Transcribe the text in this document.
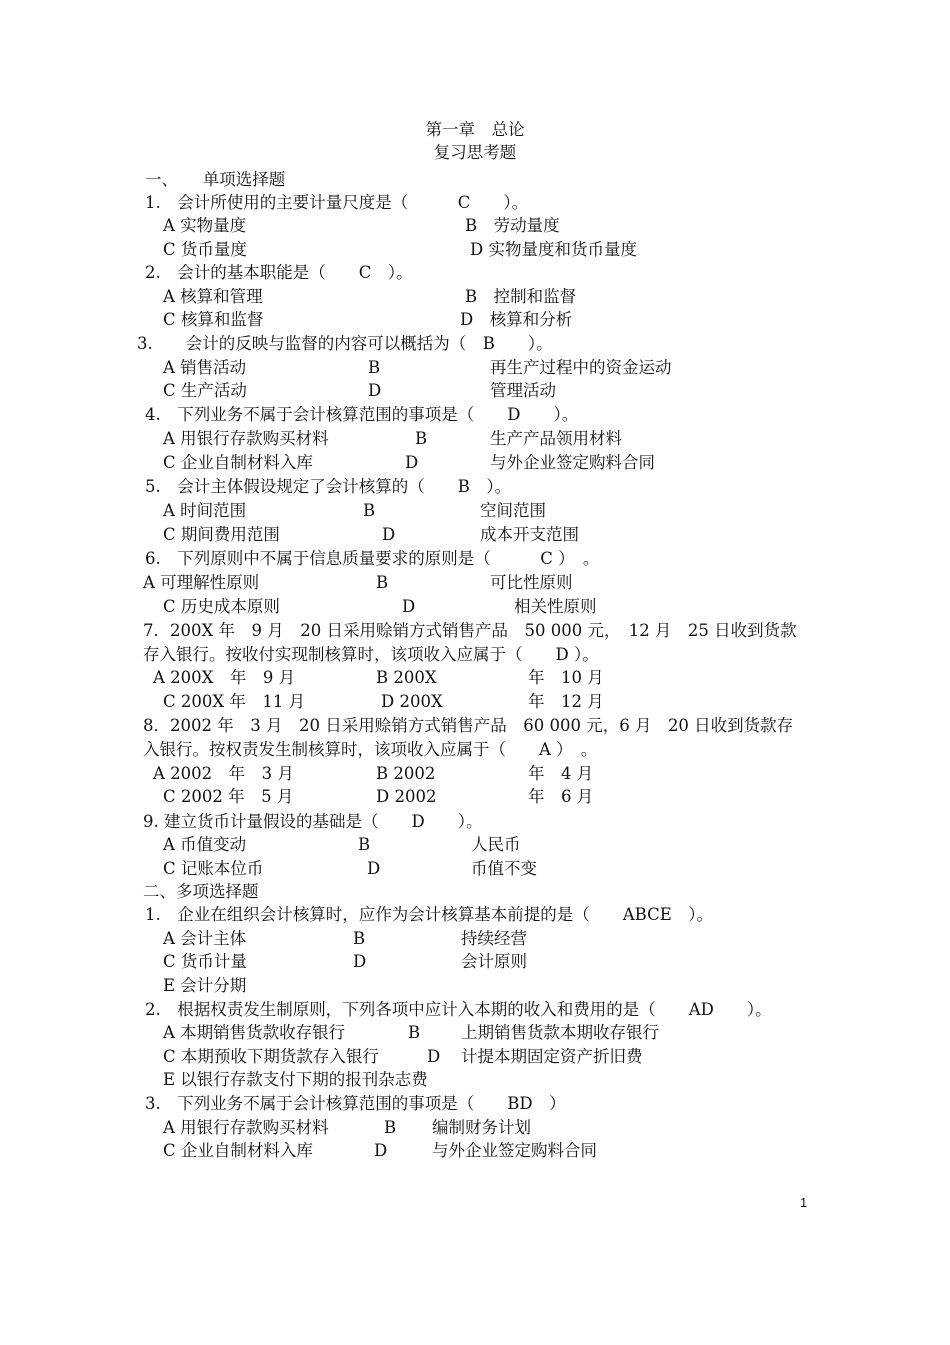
第一章　总论
复习思考题
一、　　单项选择题
1.　会计所使用的主要计量尺度是（　　　C　　）。
A 实物量度	B　劳动量度
C 货币量度	D 实物量度和货币量度
2.　会计的基本职能是（　　C　）。
A 核算和管理	B　控制和监督
C 核算和监督	D　核算和分析
3.　　会计的反映与监督的内容可以概括为（　B　　）。
A 销售活动	B	再生产过程中的资金运动
C 生产活动	D	管理活动
4.　下列业务不属于会计核算范围的事项是（　　D　　）。
A 用银行存款购买材料	B	生产产品领用材料
C 企业自制材料入库	D	与外企业签定购料合同
5.　会计主体假设规定了会计核算的（　　B　）。
A 时间范围	B	空间范围
C 期间费用范围	D	成本开支范围
6.　下列原则中不属于信息质量要求的原则是（　　　C ）　。
A 可理解性原则	B	可比性原则
C 历史成本原则	D	相关性原则
7．200X 年　9 月　20 日采用赊销方式销售产品　50 000 元，　12 月　25 日收到货款
存入银行。按收付实现制核算时，该项收入应属于（　　D ）。
A 200X　年　9 月	B 200X	年　10 月
C 200X 年　11 月	D 200X	年　12 月
8．2002 年　3 月　20 日采用赊销方式销售产品　60 000 元，6 月　20 日收到货款存
入银行。按权责发生制核算时，该项收入应属于（　　A ）　。
A 2002　年　3 月	B 2002	年　4 月
C 2002 年　5 月	D 2002	年　6 月
9. 建立货币计量假设的基础是（　　D　　）。
A 币值变动	B	人民币
C 记账本位币	D	币值不变
二、多项选择题
1.　企业在组织会计核算时，应作为会计核算基本前提的是（　　ABCE　）。
A 会计主体	B	持续经营
C 货币计量	D	会计原则
E 会计分期
2.　根据权责发生制原则，下列各项中应计入本期的收入和费用的是（　　AD　　）。
A 本期销售货款收存银行	B 上期销售货款本期收存银行
C 本期预收下期货款存入银行	D 计提本期固定资产折旧费
E 以银行存款支付下期的报刊杂志费
3.　下列业务不属于会计核算范围的事项是（　　BD　）
A 用银行存款购买材料	B 编制财务计划
C 企业自制材料入库	D	与外企业签定购料合同
1
